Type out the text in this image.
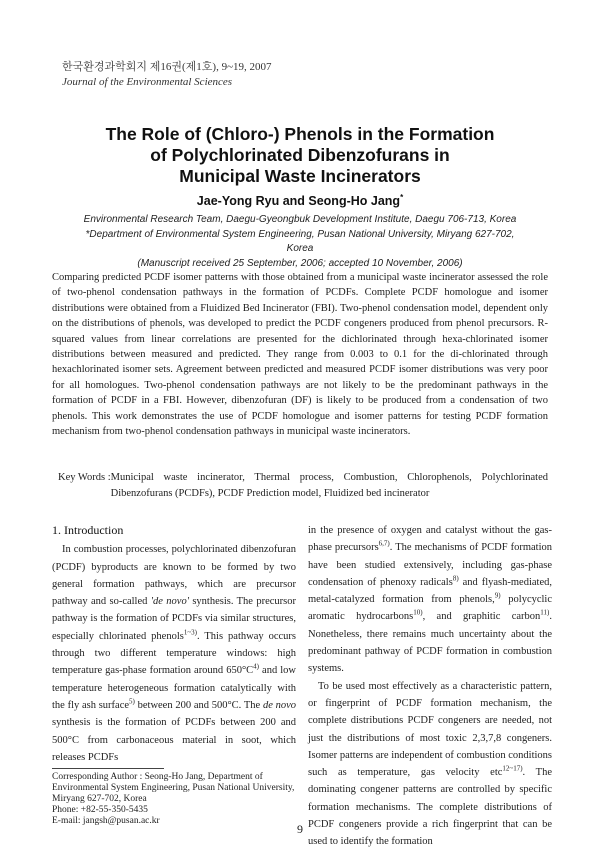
한국환경과학회지 제16권(제1호), 9~19, 2007
Journal of the Environmental Sciences
The Role of (Chloro-) Phenols in the Formation
of Polychlorinated Dibenzofurans in
Municipal Waste Incinerators
Jae-Yong Ryu and Seong-Ho Jang*
Environmental Research Team, Daegu-Gyeongbuk Development Institute, Daegu 706-713, Korea
*Department of Environmental System Engineering, Pusan National University, Miryang 627-702, Korea
(Manuscript received 25 September, 2006; accepted 10 November, 2006)
Comparing predicted PCDF isomer patterns with those obtained from a municipal waste incinerator assessed the role of two-phenol condensation pathways in the formation of PCDFs. Complete PCDF homologue and isomer distributions were obtained from a Fluidized Bed Incinerator (FBI). Two-phenol condensation model, dependent only on the distributions of phenols, was developed to predict the PCDF congeners produced from phenol precursors. R-squared values from linear correlations are presented for the dichlorinated through hexa-chlorinated isomer distributions between measured and predicted. They range from 0.003 to 0.1 for the di-chlorinated through hexachlorinated isomer sets. Agreement between predicted and measured PCDF isomer distributions was very poor for all homologues. Two-phenol condensation pathways are not likely to be the predominant pathways in the formation of PCDF in a FBI. However, dibenzofuran (DF) is likely to be produced from a condensation of two phenols. This work demonstrates the use of PCDF homologue and isomer patterns for testing PCDF formation mechanism from two-phenol condensation pathways in municipal waste incinerators.
Key Words : Municipal waste incinerator, Thermal process, Combustion, Chlorophenols, Polychlorinated Dibenzofurans (PCDFs), PCDF Prediction model, Fluidized bed incinerator
1. Introduction

In combustion processes, polychlorinated dibenzofuran (PCDF) byproducts are known to be formed by two general formation pathways, which are precursor pathway and so-called 'de novo' synthesis. The precursor pathway is the formation of PCDFs via similar structures, especially chlorinated phenols$^{1\sim 3)}$. This pathway occurs through two different temperature windows: high temperature gas-phase formation around $650^\circ C^{4)}$ and low temperature heterogeneous formation catalytically with the fly ash surface$^{5)}$ between 200 and 500°C. The de novo synthesis is the formation of PCDFs between 200 and 500°C from carbonaceous material in soot, which releases PCDFs

in the presence of oxygen and catalyst without the gas-phase precursors$^{6,7)}$. The mechanisms of PCDF formation have been studied extensively, including gas-phase condensation of phenoxy radicals$^{8)}$ and flyash-mediated, metal-catalyzed formation from phenols,$^{9)}$ polycyclic aromatic hydrocarbons$^{10)}$, and graphitic carbon$^{11)}$. Nonetheless, there remains much uncertainty about the predominant pathway of PCDF formation in combustion systems.

To be used most effectively as a characteristic pattern, or fingerprint of PCDF formation mechanism, the complete distributions PCDF congeners are needed, not just the distributions of most toxic 2,3,7,8 congeners. Isomer patterns are independent of combustion conditions such as temperature, gas velocity etc$^{12\sim 17)}$. The dominating congener patterns are controlled by specific formation mechanisms. The complete distributions of PCDF congeners provide a rich fingerprint that can be used to identify the formation

Corresponding Author : Seong-Ho Jang, Department of Environmental System Engineering, Pusan National University, Miryang 627-702, Korea
Phone: +82-55-350-5435
E-mail: jangsh@pusan.ac.kr
9
